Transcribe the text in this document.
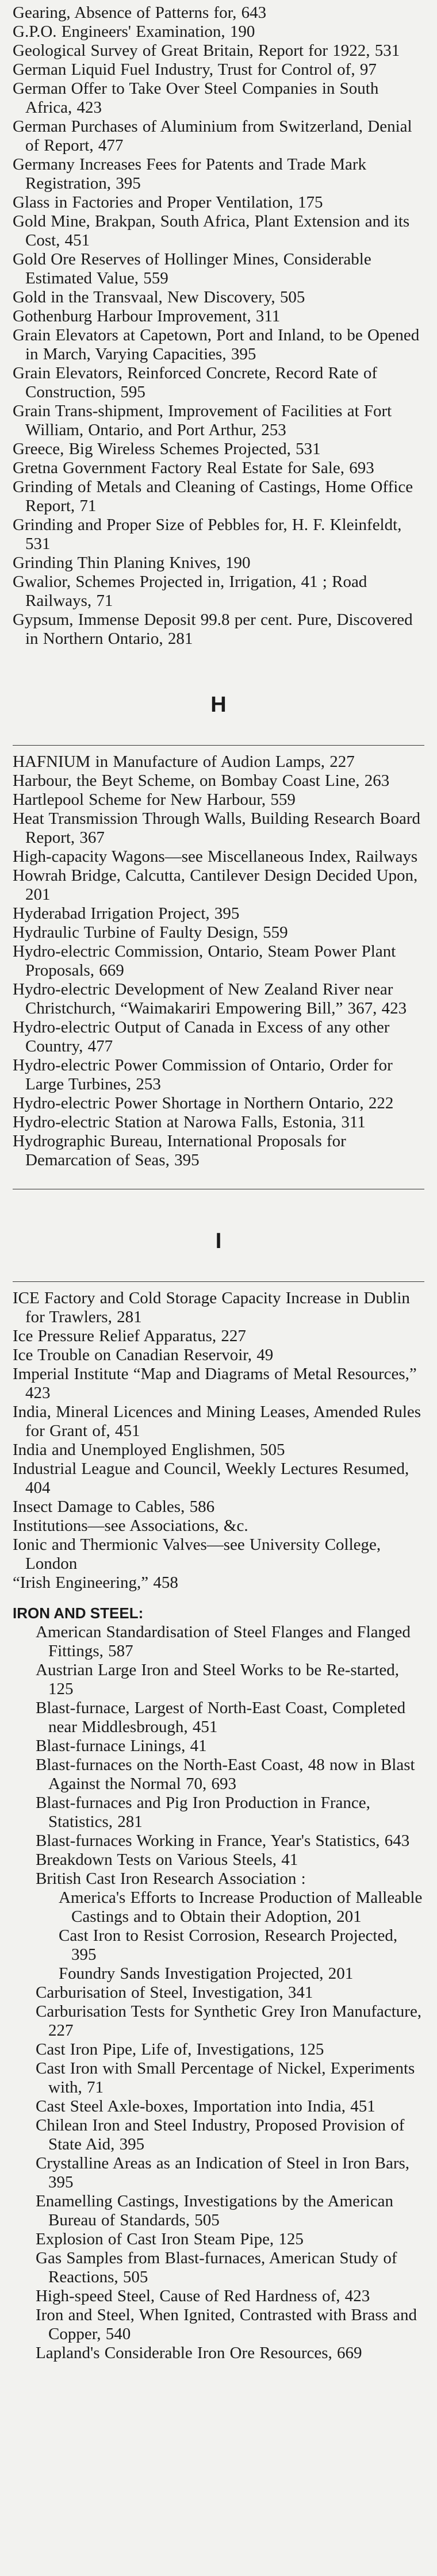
Gearing, Absence of Patterns for, 643

G.P.O. Engineers' Examination, 190

Geological Survey of Great Britain, Report for 1922, 531

German Liquid Fuel Industry, Trust for Control of, 97

German Offer to Take Over Steel Companies in South Africa, 423

German Purchases of Aluminium from Switzerland, Denial of Report, 477

Germany Increases Fees for Patents and Trade Mark Registration, 395

Glass in Factories and Proper Ventilation, 175

Gold Mine, Brakpan, South Africa, Plant Extension and its Cost, 451

Gold Ore Reserves of Hollinger Mines, Considerable Estimated Value, 559

Gold in the Transvaal, New Discovery, 505

Gothenburg Harbour Improvement, 311

Grain Elevators at Capetown, Port and Inland, to be Opened in March, Varying Capacities, 395

Grain Elevators, Reinforced Concrete, Record Rate of Construction, 595

Grain Trans-shipment, Improvement of Facilities at Fort William, Ontario, and Port Arthur, 253

Greece, Big Wireless Schemes Projected, 531

Gretna Government Factory Real Estate for Sale, 693

Grinding of Metals and Cleaning of Castings, Home Office Report, 71

Grinding and Proper Size of Pebbles for, H. F. Kleinfeldt, 531

Grinding Thin Planing Knives, 190

Gwalior, Schemes Projected in, Irrigation, 41 ; Road Railways, 71

Gypsum, Immense Deposit 99.8 per cent. Pure, Discovered in Northern Ontario, 281

H

HAFNIUM in Manufacture of Audion Lamps, 227

Harbour, the Beyt Scheme, on Bombay Coast Line, 263

Hartlepool Scheme for New Harbour, 559

Heat Transmission Through Walls, Building Research Board Report, 367

High-capacity Wagons—see Miscellaneous Index, Railways

Howrah Bridge, Calcutta, Cantilever Design Decided Upon, 201

Hyderabad Irrigation Project, 395

Hydraulic Turbine of Faulty Design, 559

Hydro-electric Commission, Ontario, Steam Power Plant Proposals, 669

Hydro-electric Development of New Zealand River near Christchurch, “Waimakariri Empowering Bill,” 367, 423

Hydro-electric Output of Canada in Excess of any other Country, 477

Hydro-electric Power Commission of Ontario, Order for Large Turbines, 253

Hydro-electric Power Shortage in Northern Ontario, 222

Hydro-electric Station at Narowa Falls, Estonia, 311

Hydrographic Bureau, International Proposals for Demarcation of Seas, 395

I

ICE Factory and Cold Storage Capacity Increase in Dublin for Trawlers, 281

Ice Pressure Relief Apparatus, 227

Ice Trouble on Canadian Reservoir, 49

Imperial Institute “Map and Diagrams of Metal Resources,” 423

India, Mineral Licences and Mining Leases, Amended Rules for Grant of, 451

India and Unemployed Englishmen, 505

Industrial League and Council, Weekly Lectures Resumed, 404

Insect Damage to Cables, 586

Institutions—see Associations, &c.

Ionic and Thermionic Valves—see University College, London

“Irish Engineering,” 458

IRON AND STEEL:

American Standardisation of Steel Flanges and Flanged Fittings, 587

Austrian Large Iron and Steel Works to be Re-started, 125

Blast-furnace, Largest of North-East Coast, Completed near Middlesbrough, 451

Blast-furnace Linings, 41

Blast-furnaces on the North-East Coast, 48 now in Blast Against the Normal 70, 693

Blast-furnaces and Pig Iron Production in France, Statistics, 281

Blast-furnaces Working in France, Year's Statistics, 643

Breakdown Tests on Various Steels, 41

British Cast Iron Research Association :

America's Efforts to Increase Production of Malleable Castings and to Obtain their Adoption, 201

Cast Iron to Resist Corrosion, Research Projected, 395

Foundry Sands Investigation Projected, 201

Carburisation of Steel, Investigation, 341

Carburisation Tests for Synthetic Grey Iron Manufacture, 227

Cast Iron Pipe, Life of, Investigations, 125

Cast Iron with Small Percentage of Nickel, Experiments with, 71

Cast Steel Axle-boxes, Importation into India, 451

Chilean Iron and Steel Industry, Proposed Provision of State Aid, 395

Crystalline Areas as an Indication of Steel in Iron Bars, 395

Enamelling Castings, Investigations by the American Bureau of Standards, 505

Explosion of Cast Iron Steam Pipe, 125

Gas Samples from Blast-furnaces, American Study of Reactions, 505

High-speed Steel, Cause of Red Hardness of, 423

Iron and Steel, When Ignited, Contrasted with Brass and Copper, 540

Lapland's Considerable Iron Ore Resources, 669
